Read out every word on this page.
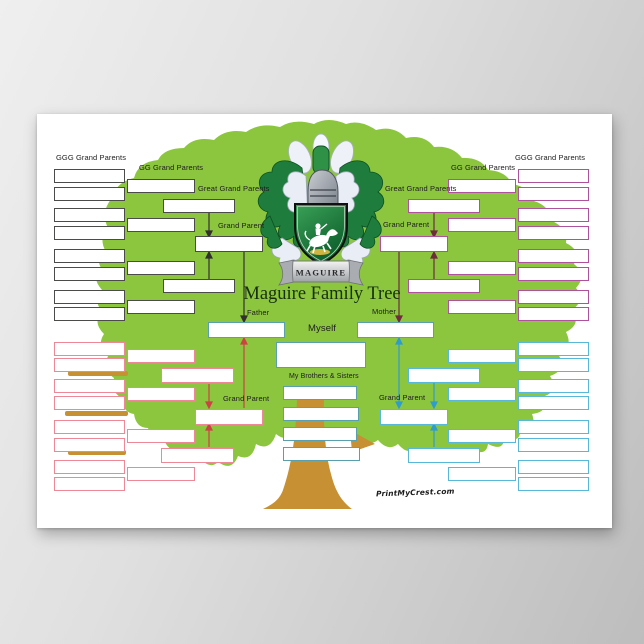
MAGUIRE
GGG Grand Parents
GG Grand Parents
Great Grand Parents
Grand Parent
GGG Grand Parents
GG Grand Parents
Great Grand Parents
Grand Parent
Father	Mother
Myself
My Brothers & Sisters
Grand Parent	Grand Parent
Maguire Family Tree
PrintMyCrest.com
